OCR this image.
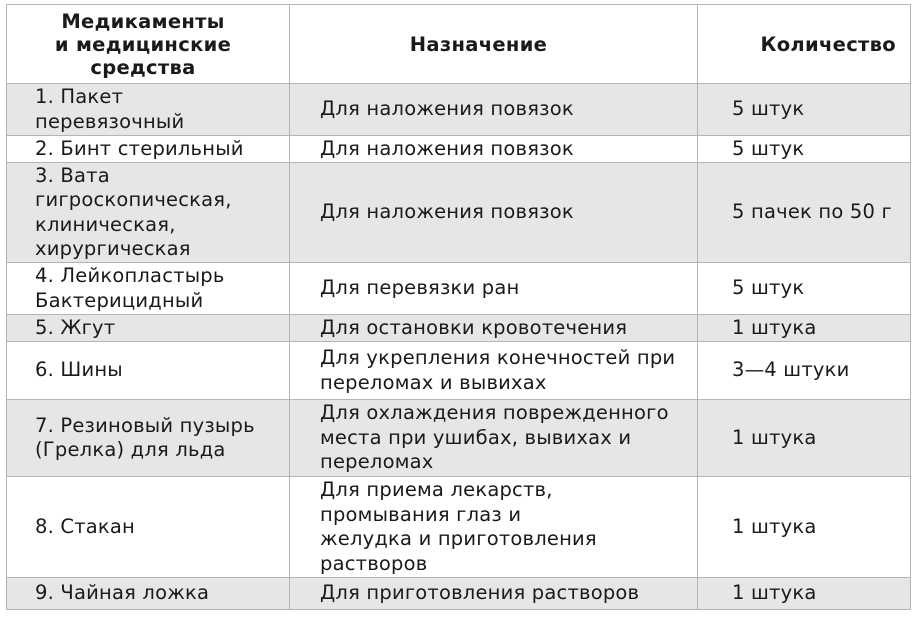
Медикаменты
и медицинские
средства	Назначение	Количество

1. Пакет
перевязочный	Для наложения повязок	5 штук

2. Бинт стерильный	Для наложения повязок	5 штук

3. Вата
гигроскопическая,
клиническая,
хирургическая	Для наложения повязок	5 пачек по 50 г

4. Лейкопластырь
Бактерицидный	Для перевязки ран	5 штук

5. Жгут	Для остановки кровотечения	1 штука

6. Шины	Для укрепления конечностей при
переломах и вывихах	3—4 штуки

7. Резиновый пузырь
(Грелка) для льда	Для охлаждения поврежденного
места при ушибах, вывихах и
переломах	1 штука

8. Стакан	Для приема лекарств,
промывания глаз и
желудка и приготовления
растворов	1 штука

9. Чайная ложка	Для приготовления растворов	1 штука
